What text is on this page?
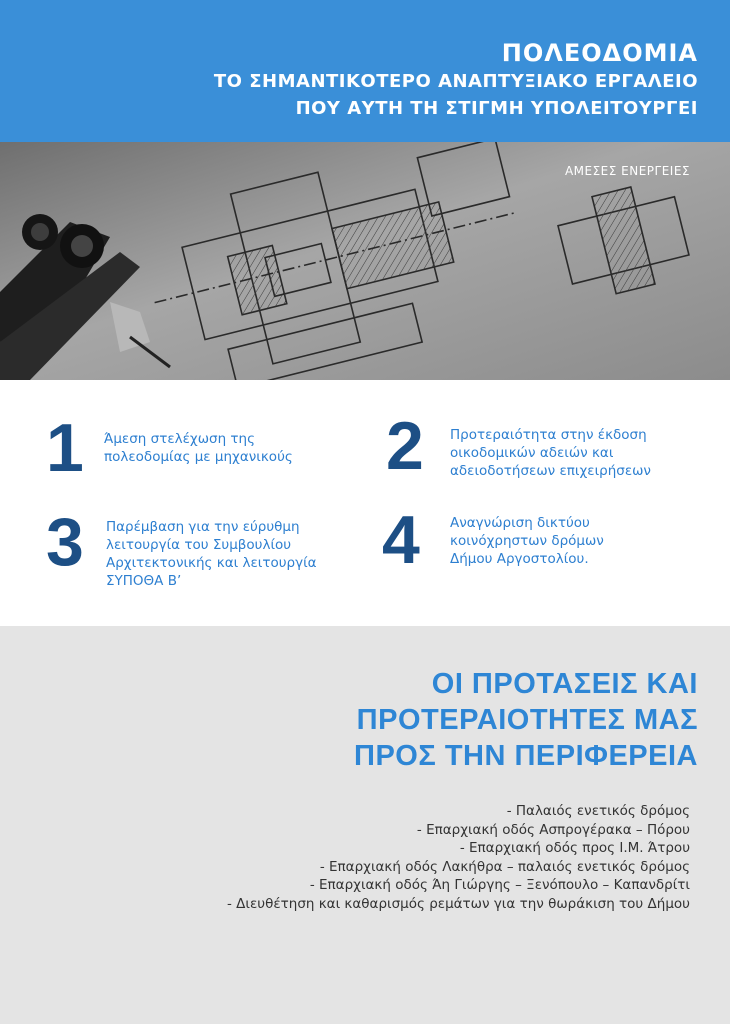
ΠΟΛΕΟΔΟΜΙΑ
ΤΟ ΣΗΜΑΝΤΙΚΟΤΕΡΟ ΑΝΑΠΤΥΞΙΑΚΟ ΕΡΓΑΛΕΙΟ
ΠΟΥ ΑΥΤΗ ΤΗ ΣΤΙΓΜΗ ΥΠΟΛΕΙΤΟΥΡΓΕΙ
ΑΜΕΣΕΣ ΕΝΕΡΓΕΙΕΣ
1 Άμεση στελέχωση της
πολεοδομίας με μηχανικούς 2 Προτεραιότητα στην έκδοση
οικοδομικών αδειών και
αδειοδοτήσεων επιχειρήσεων
3 Παρέμβαση για την εύρυθμη
λειτουργία του Συμβουλίου
Αρχιτεκτονικής και λειτουργία
ΣΥΠΟΘΑ Β’
4 Αναγνώριση δικτύου
κοινόχρηστων δρόμων
Δήμου Αργοστολίου.
ΟΙ ΠΡΟΤΑΣΕΙΣ ΚΑΙ
ΠΡΟΤΕΡΑΙΟΤΗΤΕΣ ΜΑΣ
ΠΡΟΣ ΤΗΝ ΠΕΡΙΦΕΡΕΙΑ
- Παλαιός ενετικός δρόμος
- Επαρχιακή οδός Ασπρογέρακα – Πόρου
- Επαρχιακή οδός προς Ι.Μ. Άτρου
- Επαρχιακή οδός Λακήθρα – παλαιός ενετικός δρόμος
- Επαρχιακή οδός Άη Γιώργης – Ξενόπουλο – Καπανδρίτι
- Διευθέτηση και καθαρισμός ρεμάτων για την θωράκιση του Δήμου
